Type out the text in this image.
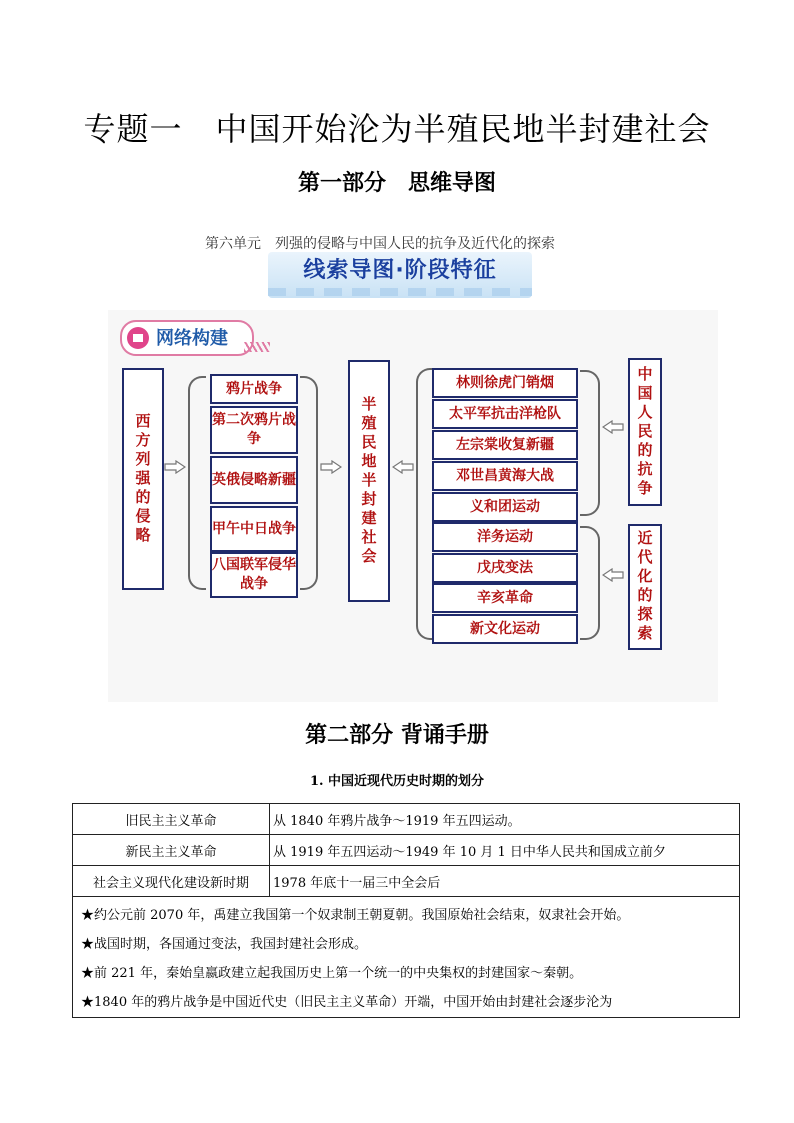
专题一　中国开始沦为半殖民地半封建社会
第一部分　思维导图
第六单元　列强的侵略与中国人民的抗争及近代化的探索
线索导图·阶段特征
网络构建
西方列强的侵略
鸦片战争
第二次鸦片战争
英俄侵略新疆
甲午中日战争
八国联军侵华战争
半殖民地半封建社会
林则徐虎门销烟
太平军抗击洋枪队
左宗棠收复新疆
邓世昌黄海大战
义和团运动
洋务运动
戊戌变法
辛亥革命
新文化运动
中国人民的抗争
近代化的探索
第二部分 背诵手册
1. 中国近现代历史时期的划分
旧民主主义革命	从 1840 年鸦片战争～1919 年五四运动。
新民主主义革命	从 1919 年五四运动～1949 年 10 月 1 日中华人民共和国成立前夕
社会主义现代化建设新时期	1978 年底十一届三中全会后

★约公元前 2070 年，禹建立我国第一个奴隶制王朝夏朝。我国原始社会结束，奴隶社会开始。

★战国时期，各国通过变法，我国封建社会形成。

★前 221 年，秦始皇嬴政建立起我国历史上第一个统一的中央集权的封建国家～秦朝。

★1840 年的鸦片战争是中国近代史（旧民主主义革命）开端，中国开始由封建社会逐步沦为	
